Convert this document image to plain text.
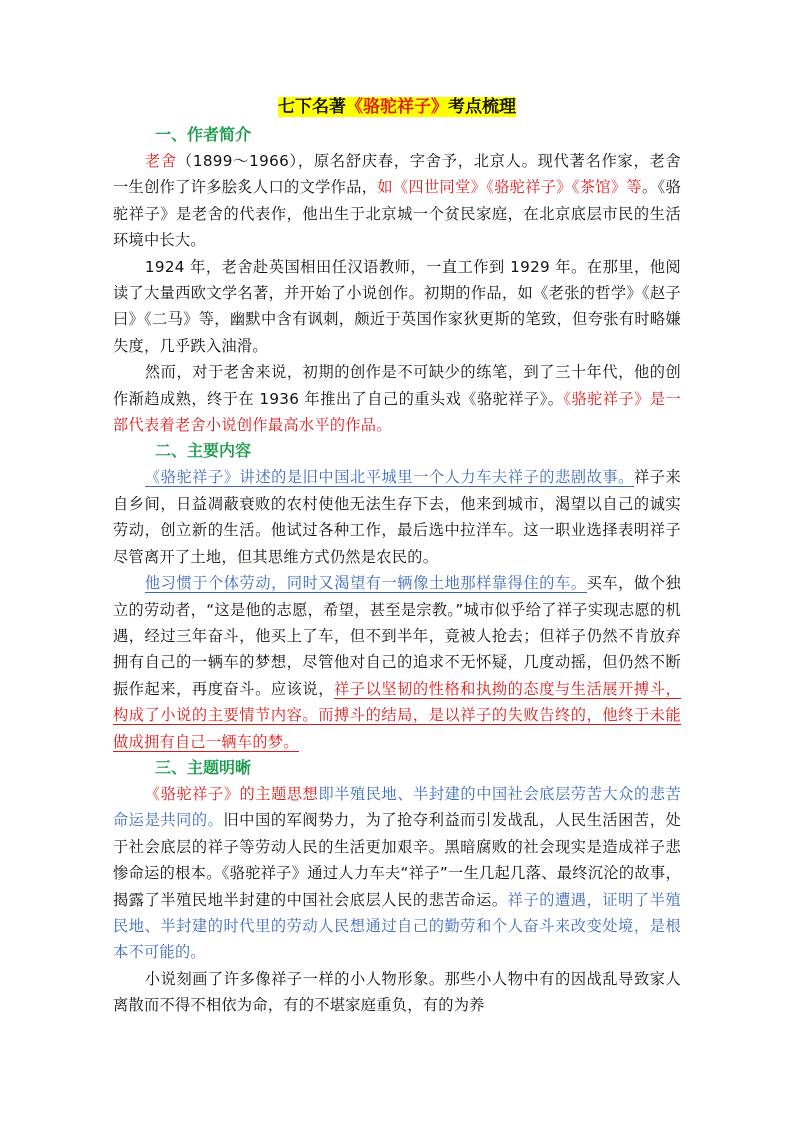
七下名著《骆驼祥子》考点梳理
一、作者简介

老舍（1899～1966），原名舒庆春，字舍予，北京人。现代著名作家，老舍一生创作了许多脍炙人口的文学作品，如《四世同堂》《骆驼祥子》《茶馆》等。《骆驼祥子》是老舍的代表作，他出生于北京城一个贫民家庭，在北京底层市民的生活环境中长大。

1924 年，老舍赴英国相田任汉语教师，一直工作到 1929 年。在那里，他阅读了大量西欧文学名著，并开始了小说创作。初期的作品，如《老张的哲学》《赵子曰》《二马》等，幽默中含有讽刺，颇近于英国作家狄更斯的笔致，但夸张有时略嫌失度，几乎跌入油滑。

然而，对于老舍来说，初期的创作是不可缺少的练笔，到了三十年代，他的创作渐趋成熟，终于在 1936 年推出了自己的重头戏《骆驼祥子》。《骆驼祥子》是一部代表着老舍小说创作最高水平的作品。

二、主要内容

《骆驼祥子》讲述的是旧中国北平城里一个人力车夫祥子的悲剧故事。祥子来自乡间，日益凋蔽衰败的农村使他无法生存下去，他来到城市，渴望以自己的诚实劳动，创立新的生活。他试过各种工作，最后选中拉洋车。这一职业选择表明祥子尽管离开了土地，但其思维方式仍然是农民的。

他习惯于个体劳动，同时又渴望有一辆像土地那样靠得住的车。买车，做个独立的劳动者，“这是他的志愿，希望，甚至是宗教。”城市似乎给了祥子实现志愿的机遇，经过三年奋斗，他买上了车，但不到半年，竟被人抢去；但祥子仍然不肯放弃拥有自己的一辆车的梦想，尽管他对自己的追求不无怀疑，几度动摇，但仍然不断振作起来，再度奋斗。应该说，祥子以坚韧的性格和执拗的态度与生活展开搏斗，构成了小说的主要情节内容。而搏斗的结局，是以祥子的失败告终的，他终于未能做成拥有自己一辆车的梦。

三、主题明晰

《骆驼祥子》的主题思想即半殖民地、半封建的中国社会底层劳苦大众的悲苦命运是共同的。旧中国的军阀势力，为了抢夺利益而引发战乱，人民生活困苦，处于社会底层的祥子等劳动人民的生活更加艰辛。黑暗腐败的社会现实是造成祥子悲惨命运的根本。《骆驼祥子》通过人力车夫“祥子”一生几起几落、最终沉沦的故事，揭露了半殖民地半封建的中国社会底层人民的悲苦命运。祥子的遭遇，证明了半殖民地、半封建的时代里的劳动人民想通过自己的勤劳和个人奋斗来改变处境，是根本不可能的。

小说刻画了许多像祥子一样的小人物形象。那些小人物中有的因战乱导致家人离散而不得不相依为命，有的不堪家庭重负，有的为养
